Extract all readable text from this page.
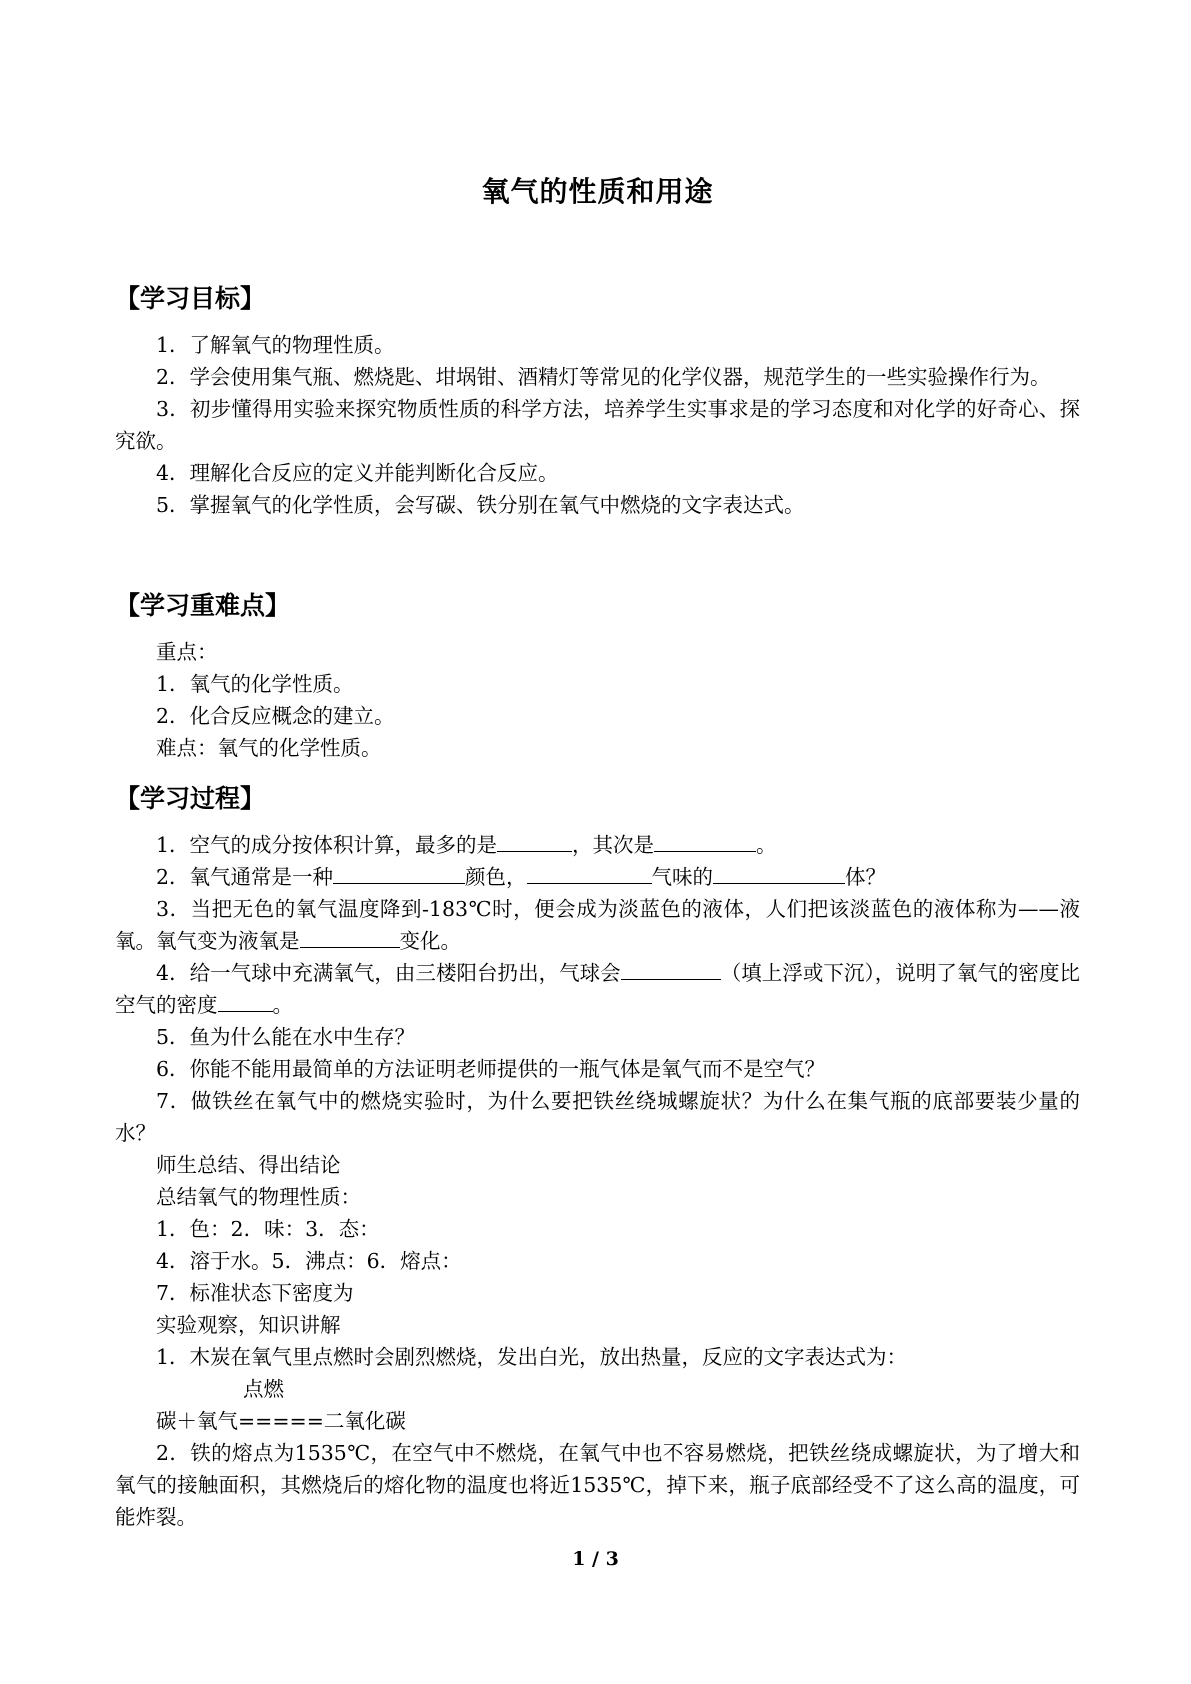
氧气的性质和用途

【学习目标】

1．了解氧气的物理性质。

2．学会使用集气瓶、燃烧匙、坩埚钳、酒精灯等常见的化学仪器，规范学生的一些实验操作行为。

3．初步懂得用实验来探究物质性质的科学方法，培养学生实事求是的学习态度和对化学的好奇心、探究欲。

4．理解化合反应的定义并能判断化合反应。

5．掌握氧气的化学性质，会写碳、铁分别在氧气中燃烧的文字表达式。

【学习重难点】

重点：

1．氧气的化学性质。

2．化合反应概念的建立。

难点：氧气的化学性质。

【学习过程】

1．空气的成分按体积计算，最多的是	，其次是	。

2．氧气通常是一种	颜色，	气味的	体？

3．当把无色的氧气温度降到-183℃时，便会成为淡蓝色的液体，人们把该淡蓝色的液体称为——液氧。氧气变为液氧是	变化。

4．给一气球中充满氧气，由三楼阳台扔出，气球会	（填上浮或下沉），说明了氧气的密度比空气的密度	。

5．鱼为什么能在水中生存？

6．你能不能用最简单的方法证明老师提供的一瓶气体是氧气而不是空气？

7．做铁丝在氧气中的燃烧实验时，为什么要把铁丝绕城螺旋状？为什么在集气瓶的底部要装少量的水？

师生总结、得出结论

总结氧气的物理性质：

1．色：2．味：3．态：

4．溶于水。5．沸点：6．熔点：

7．标准状态下密度为

实验观察，知识讲解

1．木炭在氧气里点燃时会剧烈燃烧，发出白光，放出热量，反应的文字表达式为：

点燃

碳＋氧气=====二氧化碳

2．铁的熔点为1535℃，在空气中不燃烧，在氧气中也不容易燃烧，把铁丝绕成螺旋状，为了增大和氧气的接触面积，其燃烧后的熔化物的温度也将近1535℃，掉下来，瓶子底部经受不了这么高的温度，可能炸裂。

1 / 3
